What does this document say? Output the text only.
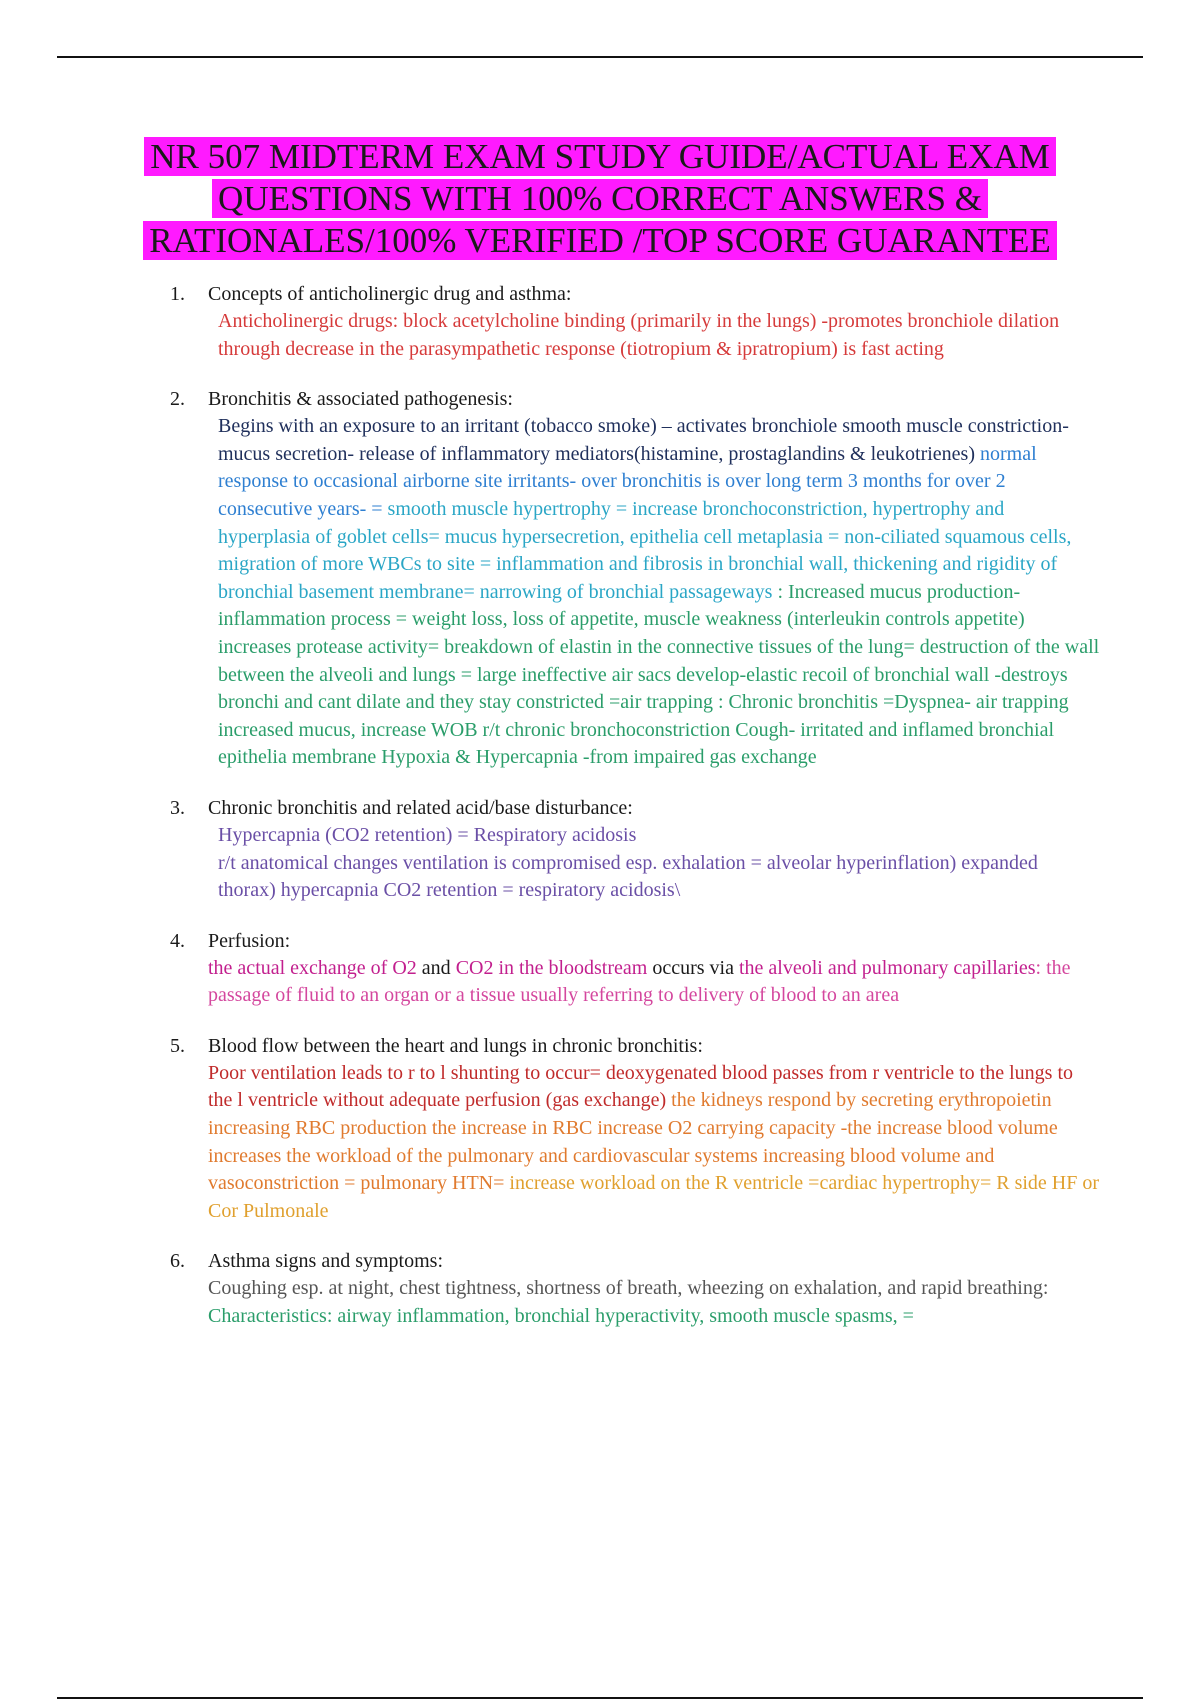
NR 507 MIDTERM EXAM STUDY GUIDE/ACTUAL EXAM
QUESTIONS WITH 100% CORRECT ANSWERS &
RATIONALES/100% VERIFIED /TOP SCORE GUARANTEE
1. Concepts of anticholinergic drug and asthma:
Anticholinergic drugs: block acetylcholine binding (primarily in the lungs) -promotes bronchiole dilation through decrease in the parasympathetic response (tiotropium & ipratropium) is fast acting
2. Bronchitis & associated pathogenesis:
Begins with an exposure to an irritant (tobacco smoke) – activates bronchiole smooth muscle constriction- mucus secretion- release of inflammatory mediators(histamine, prostaglandins & leukotrienes) normal response to occasional airborne site irritants- over bronchitis is over long term 3 months for over 2 consecutive years- = smooth muscle hypertrophy = increase bronchoconstriction, hypertrophy and hyperplasia of goblet cells= mucus hypersecretion, epithelia cell metaplasia = non-ciliated squamous cells, migration of more WBCs to site = inflammation and fibrosis in bronchial wall, thickening and rigidity of bronchial basement membrane= narrowing of bronchial passageways : Increased mucus production- inflammation process = weight loss, loss of appetite, muscle weakness (interleukin controls appetite) increases protease activity= breakdown of elastin in the connective tissues of the lung= destruction of the wall between the alveoli and lungs = large ineffective air sacs develop-elastic recoil of bronchial wall -destroys bronchi and cant dilate and they stay constricted =air trapping : Chronic bronchitis =Dyspnea- air trapping increased mucus, increase WOB r/t chronic bronchoconstriction Cough- irritated and inflamed bronchial epithelia membrane Hypoxia & Hypercapnia -from impaired gas exchange
3. Chronic bronchitis and related acid/base disturbance:
Hypercapnia (CO2 retention) = Respiratory acidosis
r/t anatomical changes ventilation is compromised esp. exhalation = alveolar hyperinflation) expanded thorax) hypercapnia CO2 retention = respiratory acidosis\
4. Perfusion:
the actual exchange of O2 and CO2 in the bloodstream occurs via the alveoli and pulmonary capillaries: the passage of fluid to an organ or a tissue usually referring to delivery of blood to an area
5. Blood flow between the heart and lungs in chronic bronchitis:
Poor ventilation leads to r to l shunting to occur= deoxygenated blood passes from r ventricle to the lungs to the l ventricle without adequate perfusion (gas exchange) the kidneys respond by secreting erythropoietin increasing RBC production the increase in RBC increase O2 carrying capacity -the increase blood volume increases the workload of the pulmonary and cardiovascular systems increasing blood volume and vasoconstriction = pulmonary HTN= increase workload on the R ventricle =cardiac hypertrophy= R side HF or Cor Pulmonale
6. Asthma signs and symptoms:
Coughing esp. at night, chest tightness, shortness of breath, wheezing on exhalation, and rapid breathing: Characteristics: airway inflammation, bronchial hyperactivity, smooth muscle spasms, =
